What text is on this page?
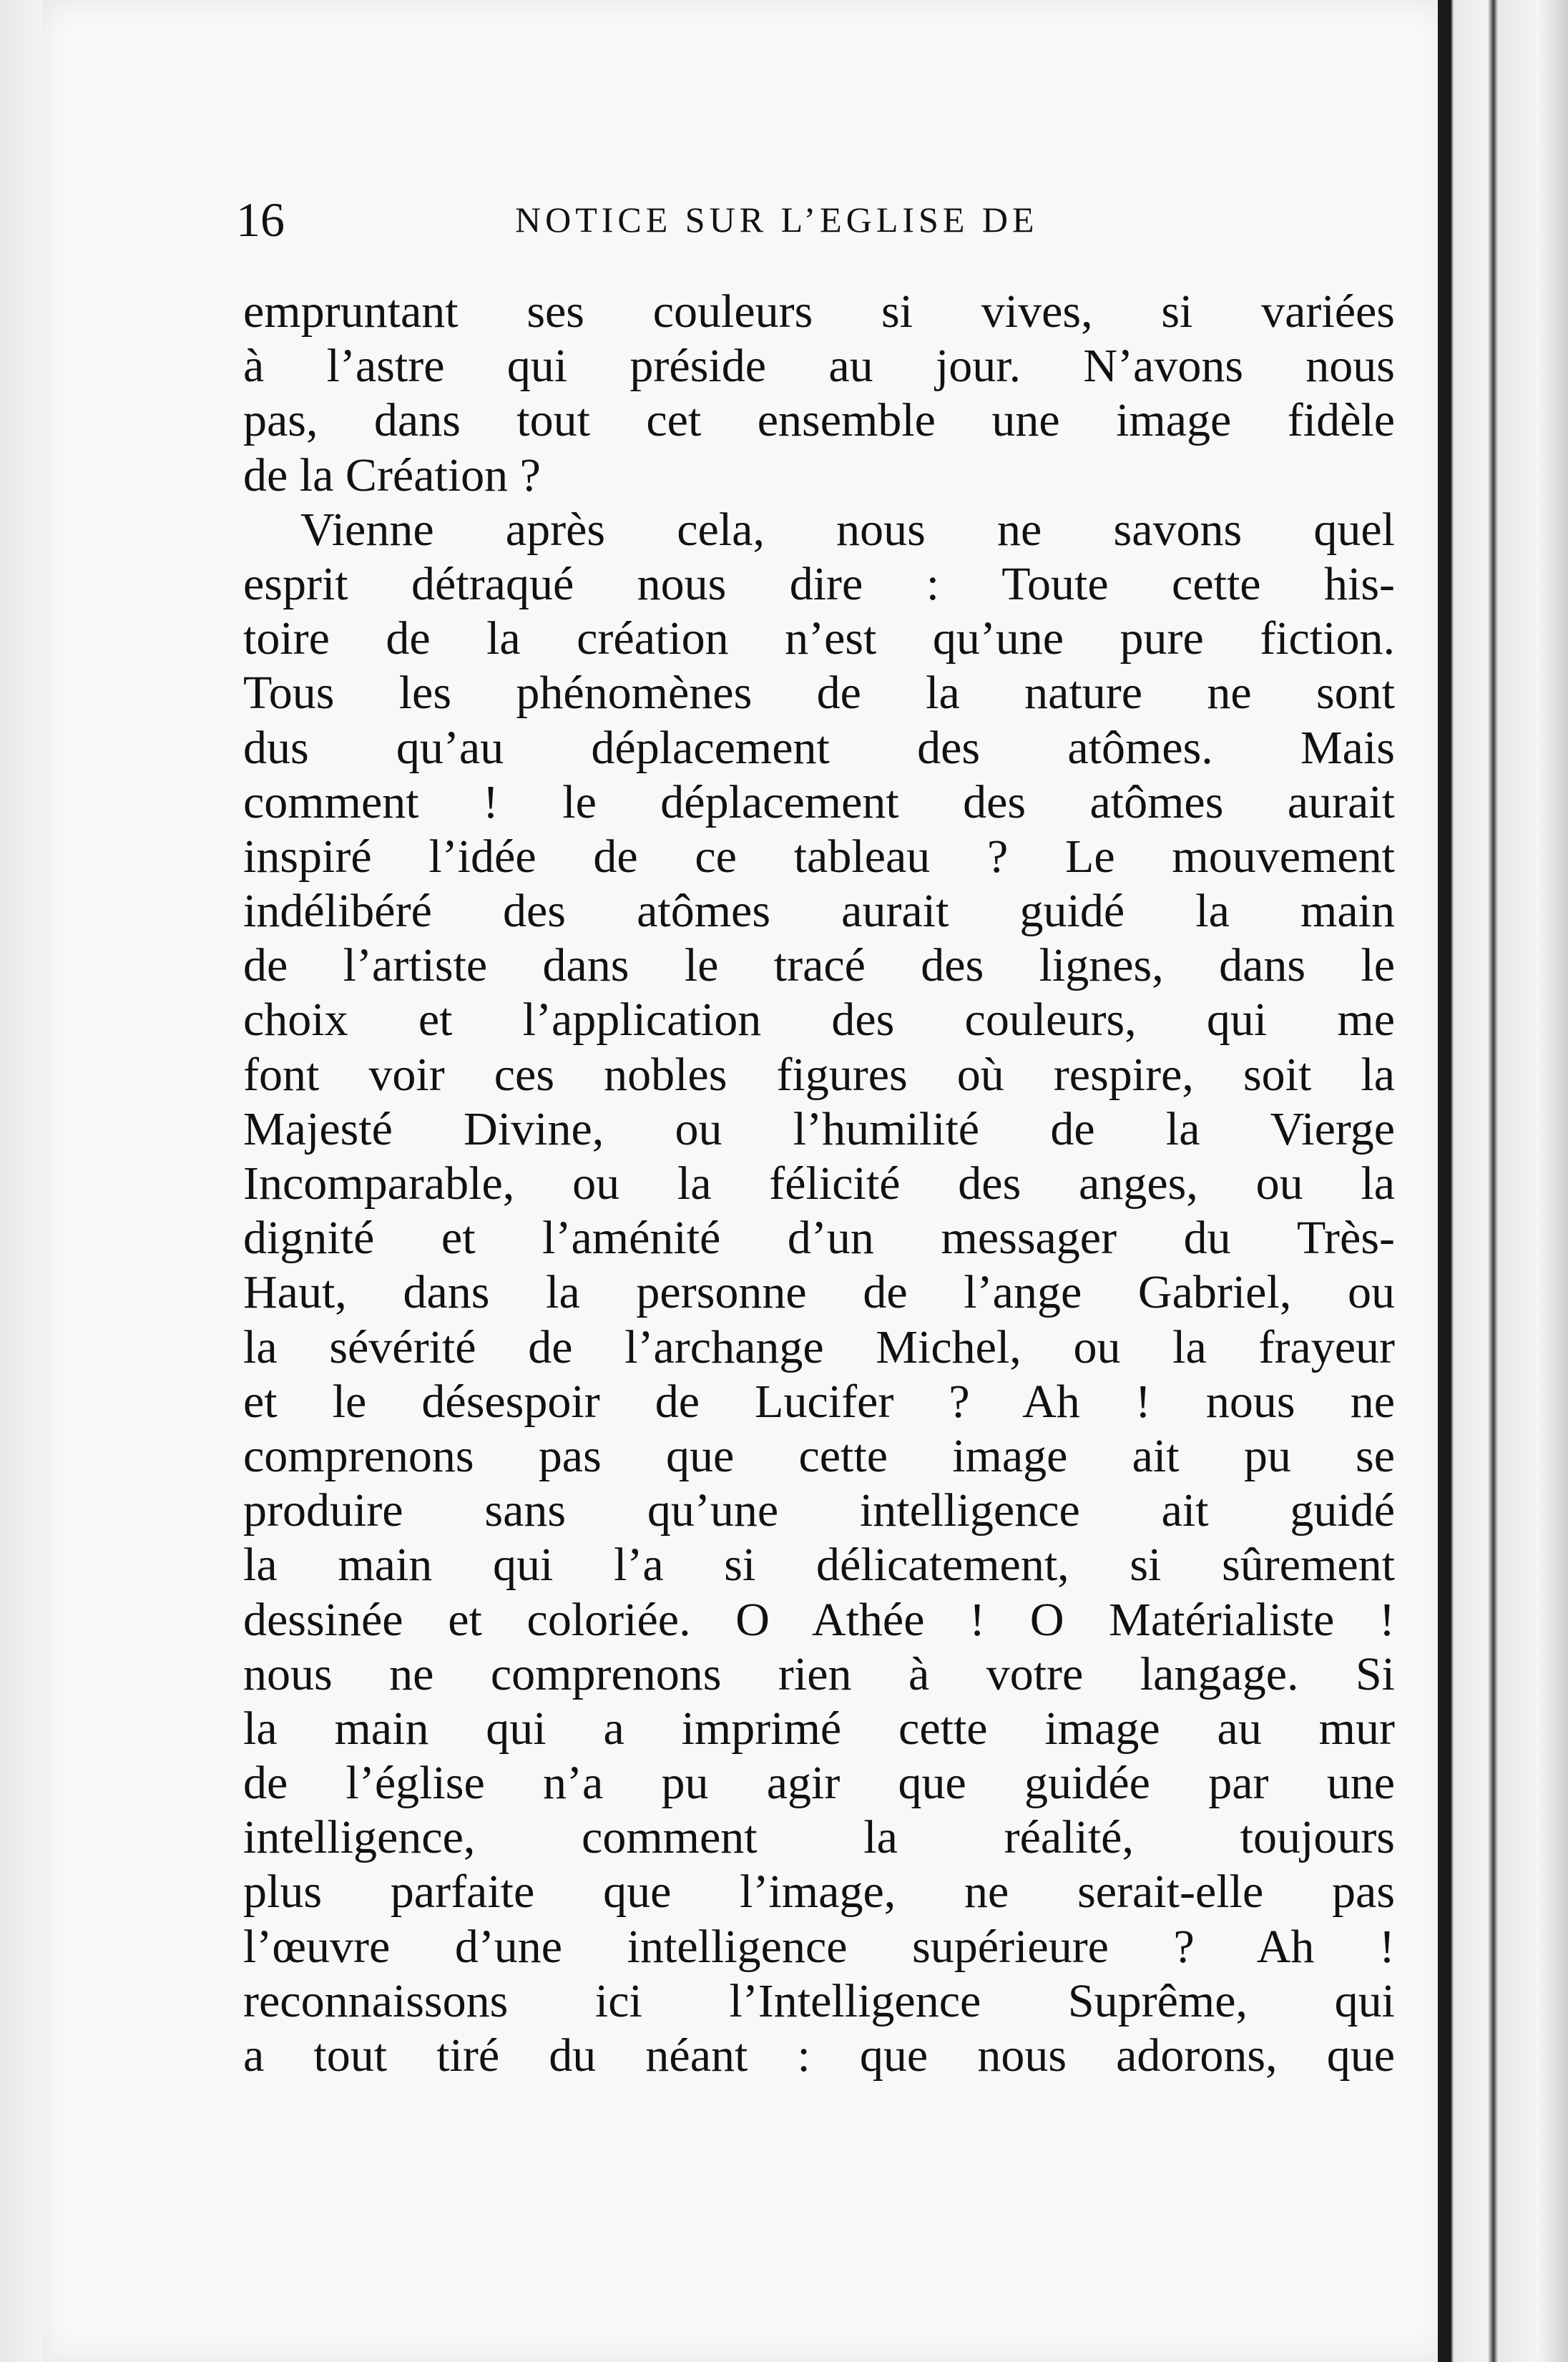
16	NOTICE SUR L’EGLISE DE
empruntant ses couleurs si vives, si variées
à l’astre qui préside au jour. N’avons nous
pas, dans tout cet ensemble une image fidèle
de la Création ?
Vienne après cela, nous ne savons quel
esprit détraqué nous dire : Toute cette his-
toire de la création n’est qu’une pure fiction.
Tous les phénomènes de la nature ne sont
dus qu’au déplacement des atômes. Mais
comment ! le déplacement des atômes aurait
inspiré l’idée de ce tableau ? Le mouvement
indélibéré des atômes aurait guidé la main
de l’artiste dans le tracé des lignes, dans le
choix et l’application des couleurs, qui me
font voir ces nobles figures où respire, soit la
Majesté Divine, ou l’humilité de la Vierge
Incomparable, ou la félicité des anges, ou la
dignité et l’aménité d’un messager du Très-
Haut, dans la personne de l’ange Gabriel, ou
la sévérité de l’archange Michel, ou la frayeur
et le désespoir de Lucifer ? Ah ! nous ne
comprenons pas que cette image ait pu se
produire sans qu’une intelligence ait guidé
la main qui l’a si délicatement, si sûrement
dessinée et coloriée. O Athée ! O Matérialiste !
nous ne comprenons rien à votre langage. Si
la main qui a imprimé cette image au mur
de l’église n’a pu agir que guidée par une
intelligence, comment la réalité, toujours
plus parfaite que l’image, ne serait-elle pas
l’œuvre d’une intelligence supérieure ? Ah !
reconnaissons ici l’Intelligence Suprême, qui
a tout tiré du néant : que nous adorons, que
